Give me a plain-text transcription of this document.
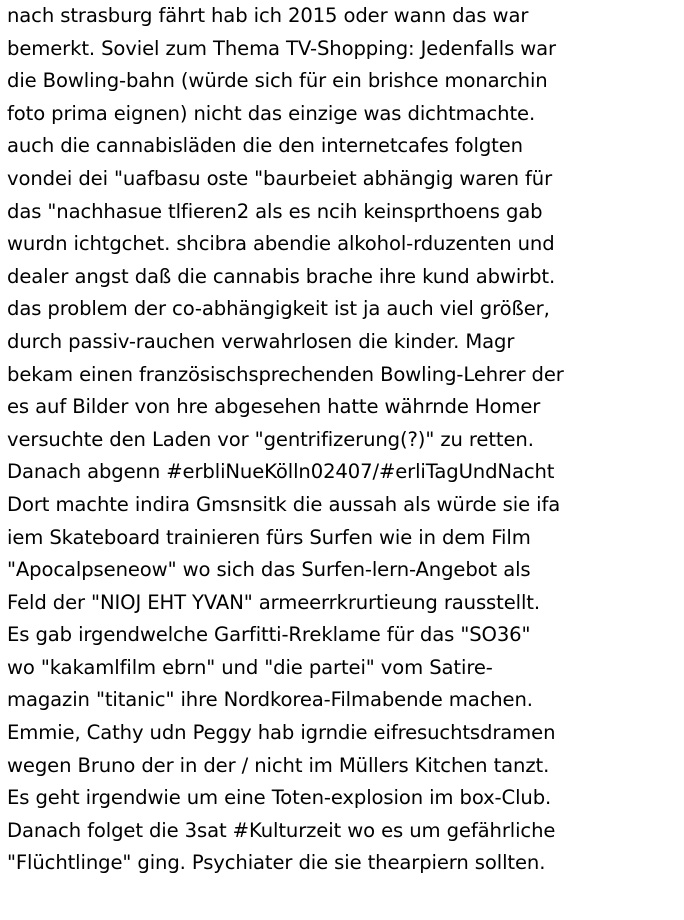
nach strasburg fährt hab ich 2015 oder wann das war
bemerkt. Soviel zum Thema TV-Shopping: Jedenfalls war
die Bowling-bahn (würde sich für ein brishce monarchin
foto prima eignen) nicht das einzige was dichtmachte.
auch die cannabisläden die den internetcafes folgten
vondei dei "uafbasu oste "baurbeiet abhängig waren für
das "nachhasue tlfieren2 als es ncih keinsprthoens gab
wurdn ichtgchet. shcibra abendie alkohol-rduzenten und
dealer angst daß die cannabis brache ihre kund abwirbt.
das problem der co-abhängigkeit ist ja auch viel größer,
durch passiv-rauchen verwahrlosen die kinder. Magr
bekam einen französischsprechenden Bowling-Lehrer der
es auf Bilder von hre abgesehen hatte währnde Homer
versuchte den Laden vor "gentrifizerung(?)" zu retten.
Danach abgenn #erbliNueKölln02407/#erliTagUndNacht
Dort machte indira Gmsnsitk die aussah als würde sie ifa
iem Skateboard trainieren fürs Surfen wie in dem Film
"Apocalpseneow" wo sich das Surfen-lern-Angebot als
Feld der "NIOJ EHT YVAN" armeerrkrurtieung rausstellt.
Es gab irgendwelche Garfitti-Rreklame für das "SO36"
wo "kakamlfilm ebrn" und "die partei" vom Satire-
magazin "titanic" ihre Nordkorea-Filmabende machen.
Emmie, Cathy udn Peggy hab igrndie eifresuchtsdramen
wegen Bruno der in der / nicht im Müllers Kitchen tanzt.
Es geht irgendwie um eine Toten-explosion im box-Club.
Danach folget die 3sat #Kulturzeit wo es um gefährliche
"Flüchtlinge" ging. Psychiater die sie thearpiern sollten.
